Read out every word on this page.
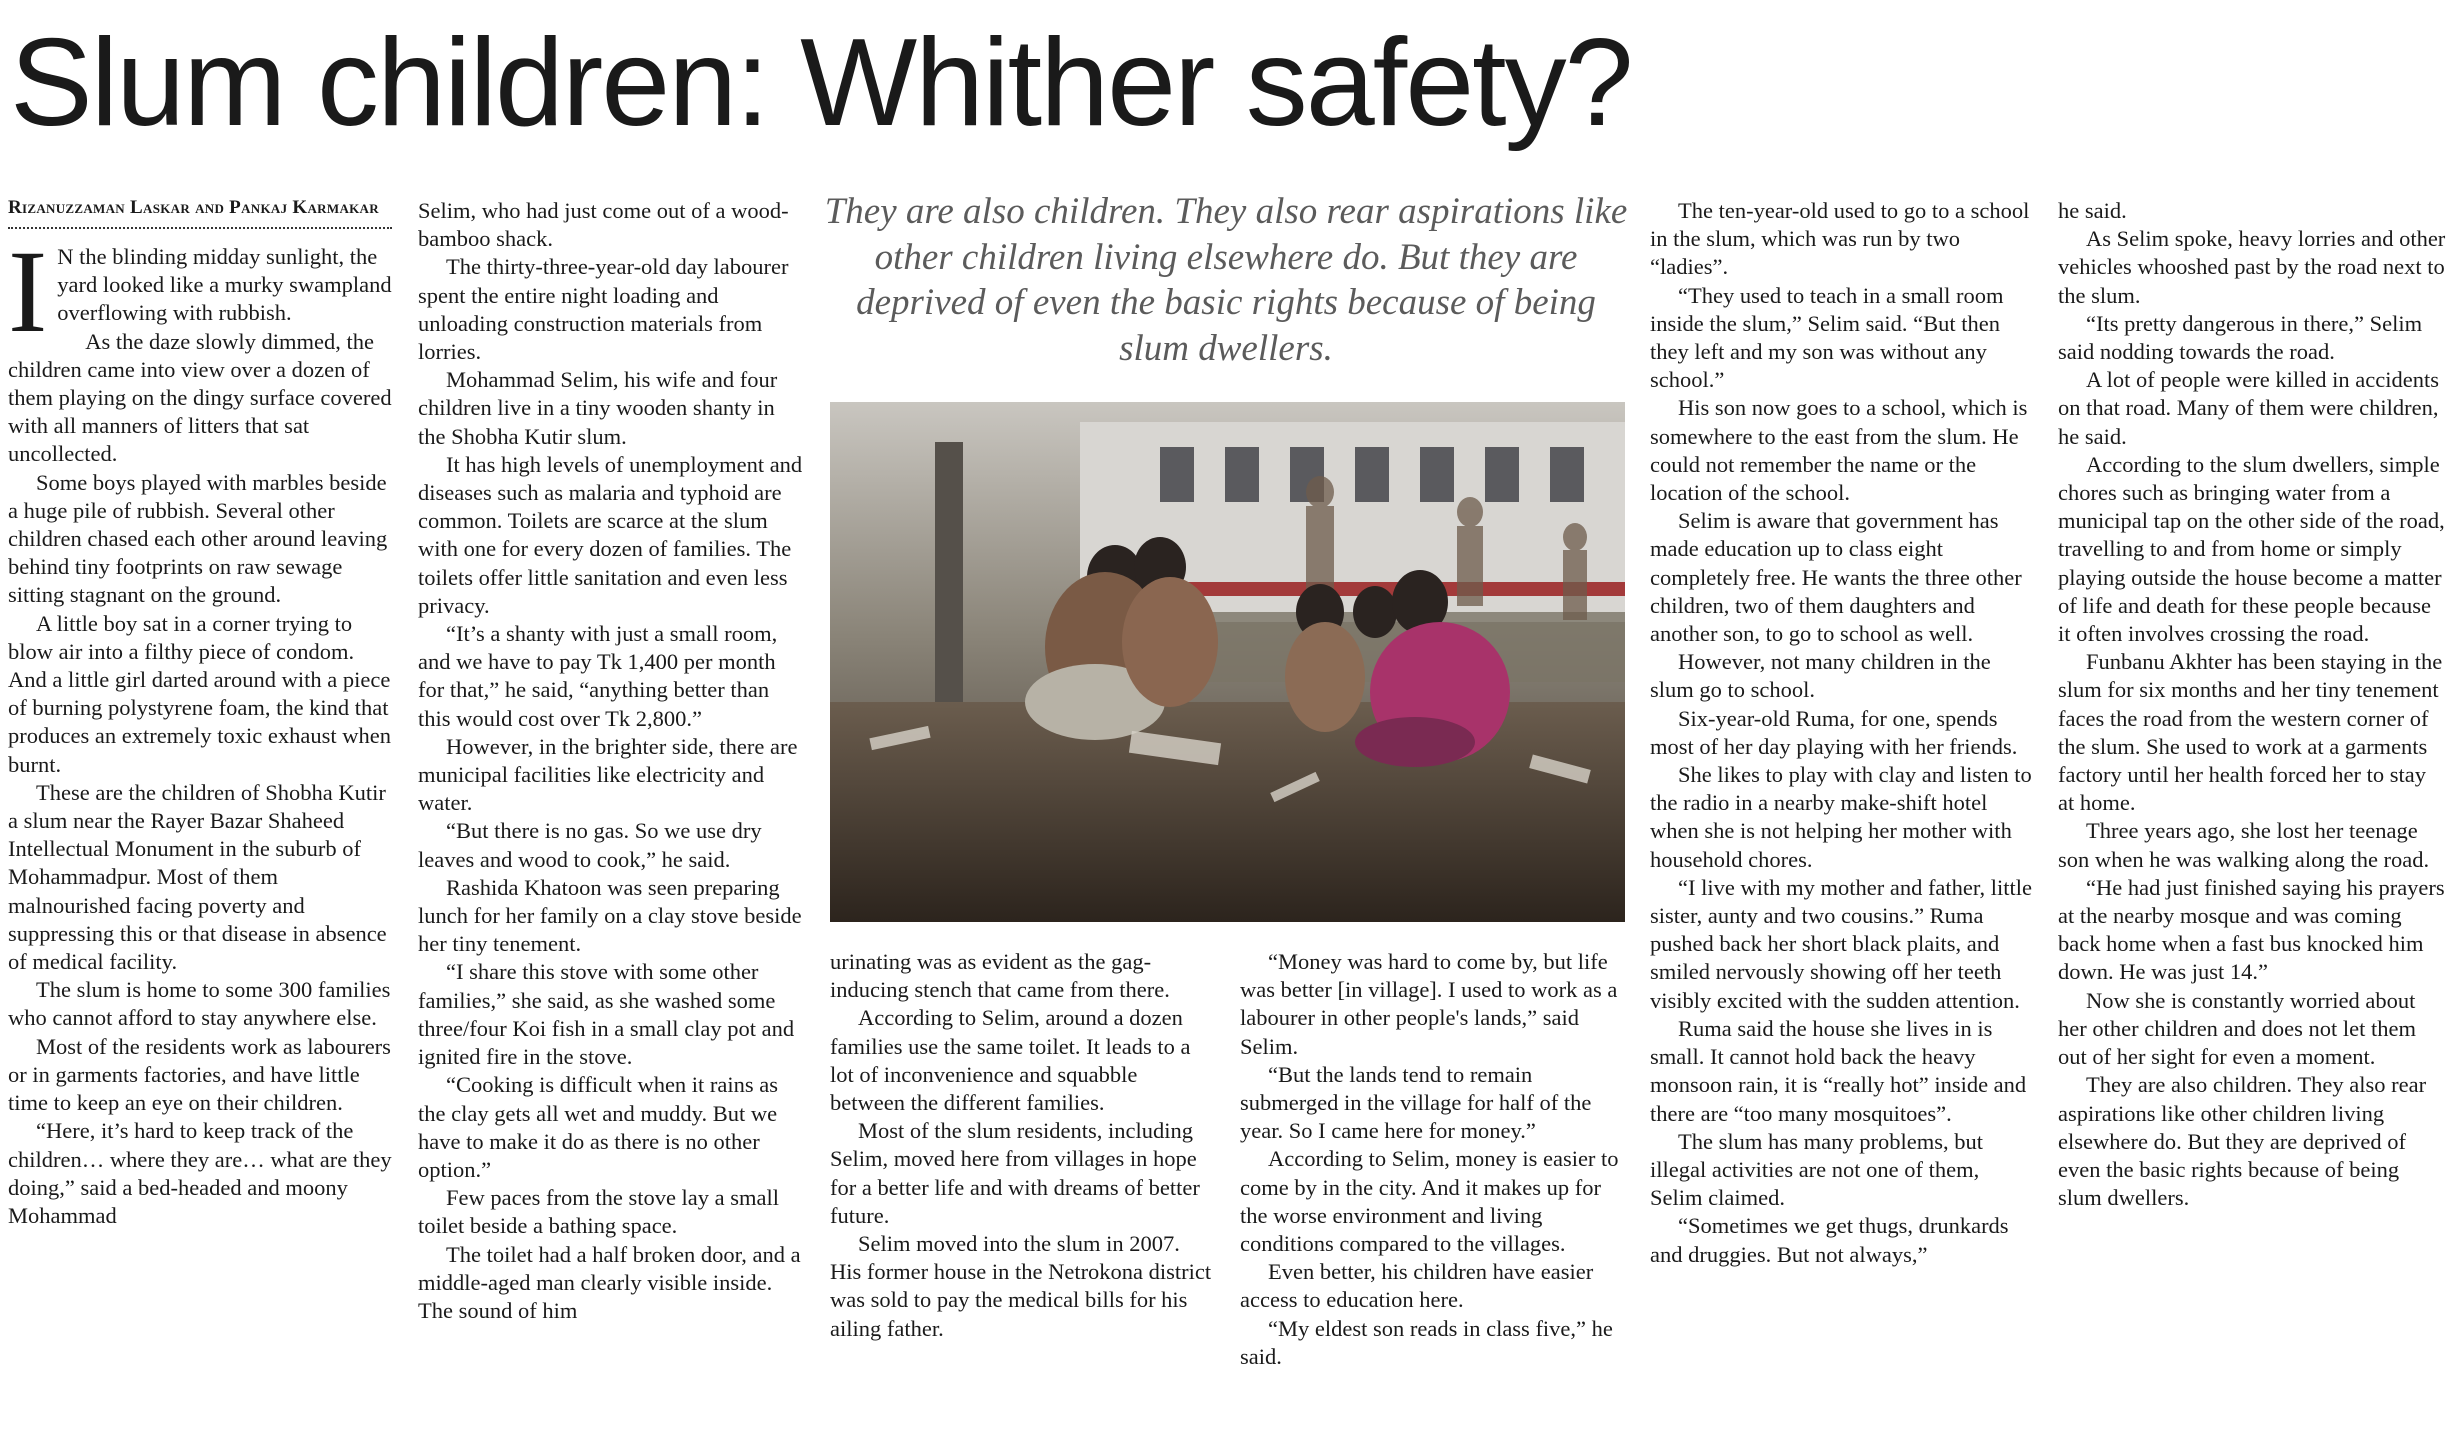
Slum children: Whither safety?
Rizanuzzaman Laskar and Pankaj Karmakar

I N the blinding midday sunlight, the yard looked like a murky swampland overflowing with rubbish.

As the daze slowly dimmed, the children came into view over a dozen of them playing on the dingy surface covered with all manners of litters that sat uncollected.

Some boys played with marbles beside a huge pile of rubbish. Several other children chased each other around leaving behind tiny footprints on raw sewage sitting stagnant on the ground.

A little boy sat in a corner trying to blow air into a filthy piece of condom. And a little girl darted around with a piece of burning polystyrene foam, the kind that produces an extremely toxic exhaust when burnt.

These are the children of Shobha Kutir a slum near the Rayer Bazar Shaheed Intellectual Monument in the suburb of Mohammadpur. Most of them malnourished facing poverty and suppressing this or that disease in absence of medical facility.

The slum is home to some 300 families who cannot afford to stay anywhere else.

Most of the residents work as labourers or in garments factories, and have little time to keep an eye on their children.

“Here, it’s hard to keep track of the children… where they are… what are they doing,” said a bed-headed and moony Mohammad

Selim, who had just come out of a wood-bamboo shack.

The thirty-three-year-old day labourer spent the entire night loading and unloading construction materials from lorries.

Mohammad Selim, his wife and four children live in a tiny wooden shanty in the Shobha Kutir slum.

It has high levels of unemployment and diseases such as malaria and typhoid are common. Toilets are scarce at the slum with one for every dozen of families. The toilets offer little sanitation and even less privacy.

“It’s a shanty with just a small room, and we have to pay Tk 1,400 per month for that,” he said, “anything better than this would cost over Tk 2,800.”

However, in the brighter side, there are municipal facilities like electricity and water.

“But there is no gas. So we use dry leaves and wood to cook,” he said.

Rashida Khatoon was seen preparing lunch for her family on a clay stove beside her tiny tenement.

“I share this stove with some other families,” she said, as she washed some three/four Koi fish in a small clay pot and ignited fire in the stove.

“Cooking is difficult when it rains as the clay gets all wet and muddy. But we have to make it do as there is no other option.”

Few paces from the stove lay a small toilet beside a bathing space.

The toilet had a half broken door, and a middle-aged man clearly visible inside. The sound of him

They are also children. They also rear aspirations like other children living elsewhere do. But they are deprived of even the basic rights because of being slum dwellers.

urinating was as evident as the gag-inducing stench that came from there.

According to Selim, around a dozen families use the same toilet. It leads to a lot of inconvenience and squabble between the different families.

Most of the slum residents, including Selim, moved here from villages in hope for a better life and with dreams of better future.

Selim moved into the slum in 2007. His former house in the Netrokona district was sold to pay the medical bills for his ailing father.

“Money was hard to come by, but life was better [in village]. I used to work as a labourer in other people's lands,” said Selim.

“But the lands tend to remain submerged in the village for half of the year. So I came here for money.”

According to Selim, money is easier to come by in the city. And it makes up for the worse environment and living conditions compared to the villages.

Even better, his children have easier access to education here.

“My eldest son reads in class five,” he said.

The ten-year-old used to go to a school in the slum, which was run by two “ladies”.

“They used to teach in a small room inside the slum,” Selim said. “But then they left and my son was without any school.”

His son now goes to a school, which is somewhere to the east from the slum. He could not remember the name or the location of the school.

Selim is aware that government has made education up to class eight completely free. He wants the three other children, two of them daughters and another son, to go to school as well.

However, not many children in the slum go to school.

Six-year-old Ruma, for one, spends most of her day playing with her friends.

She likes to play with clay and listen to the radio in a nearby make-shift hotel when she is not helping her mother with household chores.

“I live with my mother and father, little sister, aunty and two cousins.” Ruma pushed back her short black plaits, and smiled nervously showing off her teeth visibly excited with the sudden attention.

Ruma said the house she lives in is small. It cannot hold back the heavy monsoon rain, it is “really hot” inside and there are “too many mosquitoes”.

The slum has many problems, but illegal activities are not one of them, Selim claimed.

“Sometimes we get thugs, drunkards and druggies. But not always,”

he said.

As Selim spoke, heavy lorries and other vehicles whooshed past by the road next to the slum.

“Its pretty dangerous in there,” Selim said nodding towards the road.

A lot of people were killed in accidents on that road. Many of them were children, he said.

According to the slum dwellers, simple chores such as bringing water from a municipal tap on the other side of the road, travelling to and from home or simply playing outside the house become a matter of life and death for these people because it often involves crossing the road.

Funbanu Akhter has been staying in the slum for six months and her tiny tenement faces the road from the western corner of the slum. She used to work at a garments factory until her health forced her to stay at home.

Three years ago, she lost her teenage son when he was walking along the road.

“He had just finished saying his prayers at the nearby mosque and was coming back home when a fast bus knocked him down. He was just 14.”

Now she is constantly worried about her other children and does not let them out of her sight for even a moment.

They are also children. They also rear aspirations like other children living elsewhere do. But they are deprived of even the basic rights because of being slum dwellers.
